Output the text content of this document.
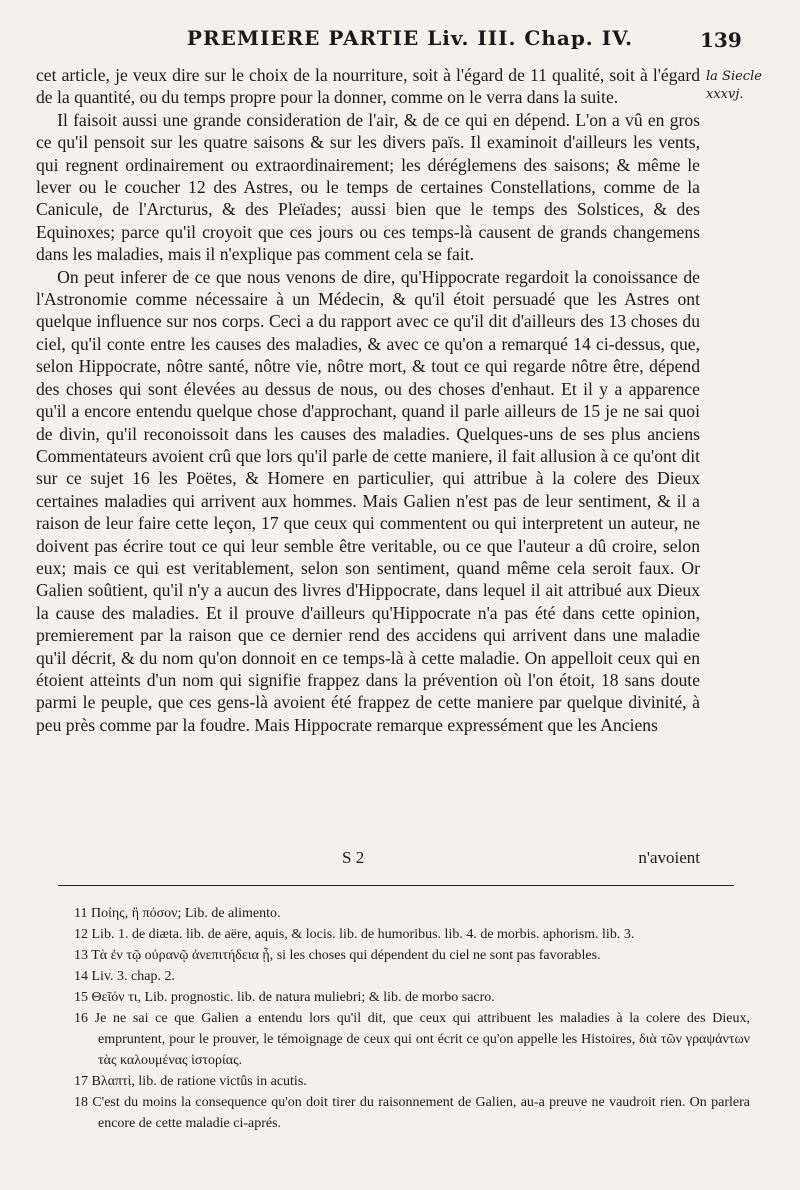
PREMIERE PARTIE Liv. III. Chap. IV.	139
la Siecle
xxxvj.

cet article, je veux dire sur le choix de la nourriture, soit à l'égard de 11 qualité, soit à l'égard de la quantité, ou du temps propre pour la donner, comme on le verra dans la suite.

Il faisoit aussi une grande consideration de l'air, & de ce qui en dépend. L'on a vû en gros ce qu'il pensoit sur les quatre saisons & sur les divers païs. Il examinoit d'ailleurs les vents, qui regnent ordinairement ou extraordinairement; les déréglemens des saisons; & même le lever ou le coucher 12 des Astres, ou le temps de certaines Constellations, comme de la Canicule, de l'Arcturus, & des Pleïades; aussi bien que le temps des Solstices, & des Equinoxes; parce qu'il croyoit que ces jours ou ces temps-là causent de grands changemens dans les maladies, mais il n'explique pas comment cela se fait.

On peut inferer de ce que nous venons de dire, qu'Hippocrate regardoit la conoissance de l'Astronomie comme nécessaire à un Médecin, & qu'il étoit persuadé que les Astres ont quelque influence sur nos corps. Ceci a du rapport avec ce qu'il dit d'ailleurs des 13 choses du ciel, qu'il conte entre les causes des maladies, & avec ce qu'on a remarqué 14 ci-dessus, que, selon Hippocrate, nôtre santé, nôtre vie, nôtre mort, & tout ce qui regarde nôtre être, dépend des choses qui sont élevées au dessus de nous, ou des choses d'enhaut. Et il y a apparence qu'il a encore entendu quelque chose d'approchant, quand il parle ailleurs de 15 je ne sai quoi de divin, qu'il reconoissoit dans les causes des maladies. Quelques-uns de ses plus anciens Commentateurs avoient crû que lors qu'il parle de cette maniere, il fait allusion à ce qu'ont dit sur ce sujet 16 les Poëtes, & Homere en particulier, qui attribue à la colere des Dieux certaines maladies qui arrivent aux hommes. Mais Galien n'est pas de leur sentiment, & il a raison de leur faire cette leçon, 17 que ceux qui commentent ou qui interpretent un auteur, ne doivent pas écrire tout ce qui leur semble être veritable, ou ce que l'auteur a dû croire, selon eux; mais ce qui est veritablement, selon son sentiment, quand même cela seroit faux. Or Galien soûtient, qu'il n'y a aucun des livres d'Hippocrate, dans lequel il ait attribué aux Dieux la cause des maladies. Et il prouve d'ailleurs qu'Hippocrate n'a pas été dans cette opinion, premierement par la raison que ce dernier rend des accidens qui arrivent dans une maladie qu'il décrit, & du nom qu'on donnoit en ce temps-là à cette maladie. On appelloit ceux qui en étoient atteints d'un nom qui signifie frappez dans la prévention où l'on étoit, 18 sans doute parmi le peuple, que ces gens-là avoient été frappez de cette maniere par quelque divinité, à peu près comme par la foudre. Mais Hippocrate remarque expressément que les Anciens

S 2	n'avoient

11 Ποίης, ἢ πόσον; Lib. de alimento.

12 Lib. 1. de diæta. lib. de aëre, aquis, & locis. lib. de humoribus. lib. 4. de morbis. aphorism. lib. 3.

13 Τὰ ἐν τῷ οὐρανῷ ἀνεπιτήδεια ᾖ, si les choses qui dépendent du ciel ne sont pas favorables.

14 Liv. 3. chap. 2.

15 Θεῖόν τι, Lib. prognostic. lib. de natura muliebri; & lib. de morbo sacro.

16 Je ne sai ce que Galien a entendu lors qu'il dit, que ceux qui attribuent les maladies à la colere des Dieux, empruntent, pour le prouver, le témoignage de ceux qui ont écrit ce qu'on appelle les Histoires, διὰ τῶν γραψάντων τὰς καλουμένας ἱστορίας.

17 Βλαπτὶ, lib. de ratione victûs in acutis.

18 C'est du moins la consequence qu'on doit tirer du raisonnement de Galien, au-a preuve ne vaudroit rien. On parlera encore de cette maladie ci-aprés.
